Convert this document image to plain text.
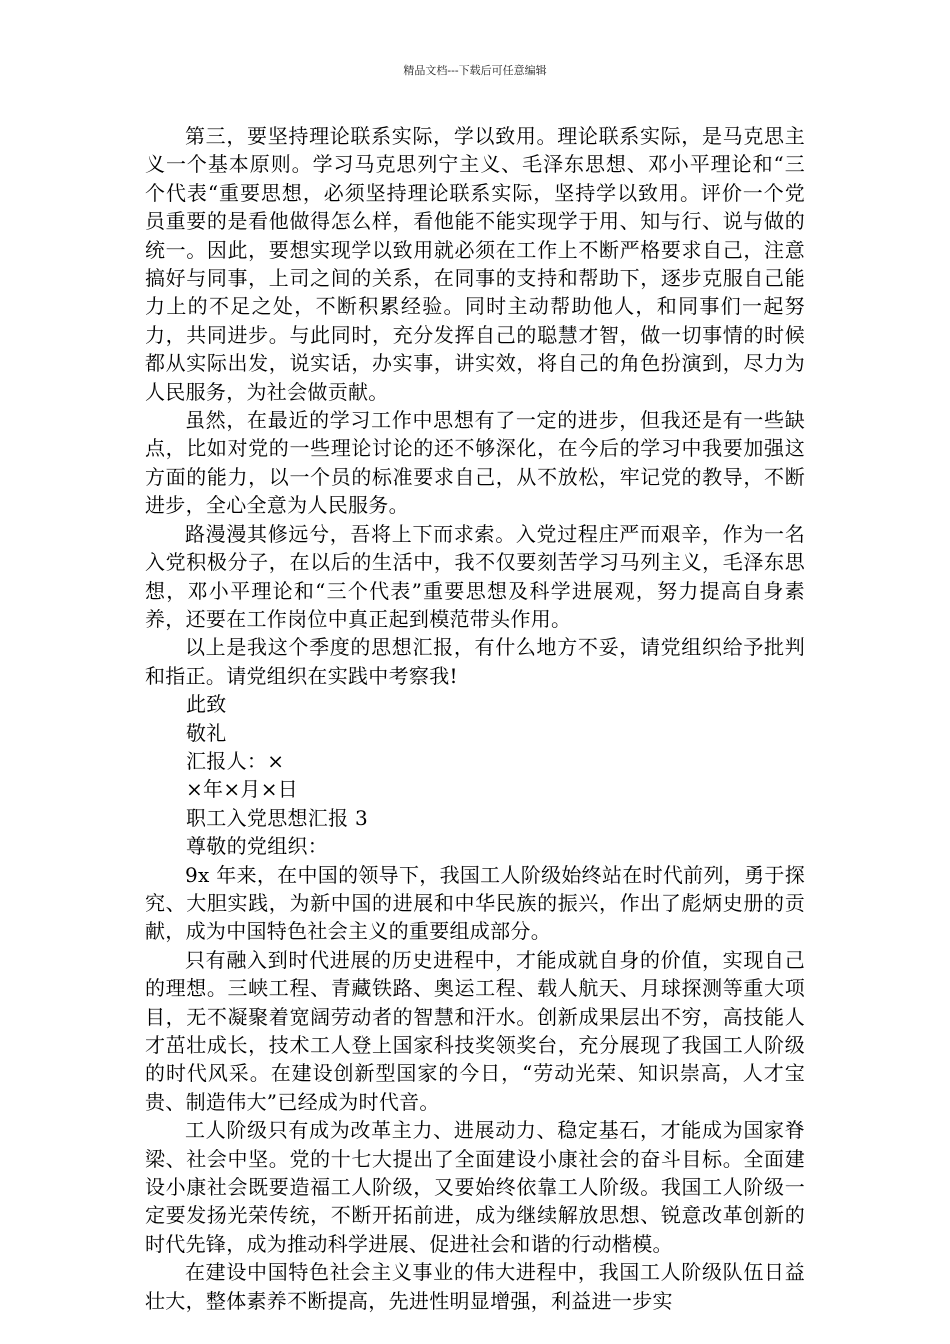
精品文档---下载后可任意编辑

第三，要坚持理论联系实际，学以致用。理论联系实际，是马克思主义一个基本原则。学习马克思列宁主义、毛泽东思想、邓小平理论和“三个代表“重要思想，必须坚持理论联系实际，坚持学以致用。评价一个党员重要的是看他做得怎么样，看他能不能实现学于用、知与行、说与做的统一。因此，要想实现学以致用就必须在工作上不断严格要求自己，注意搞好与同事，上司之间的关系，在同事的支持和帮助下，逐步克服自己能力上的不足之处，不断积累经验。同时主动帮助他人，和同事们一起努力，共同进步。与此同时，充分发挥自己的聪慧才智，做一切事情的时候都从实际出发，说实话，办实事，讲实效，将自己的角色扮演到，尽力为人民服务，为社会做贡献。

虽然，在最近的学习工作中思想有了一定的进步，但我还是有一些缺点，比如对党的一些理论讨论的还不够深化，在今后的学习中我要加强这方面的能力，以一个员的标准要求自己，从不放松，牢记党的教导，不断进步，全心全意为人民服务。

路漫漫其修远兮，吾将上下而求索。入党过程庄严而艰辛，作为一名入党积极分子，在以后的生活中，我不仅要刻苦学习马列主义，毛泽东思想，邓小平理论和“三个代表”重要思想及科学进展观，努力提高自身素养，还要在工作岗位中真正起到模范带头作用。

以上是我这个季度的思想汇报，有什么地方不妥，请党组织给予批判和指正。请党组织在实践中考察我!

此致

敬礼

汇报人：×

×年×月×日

职工入党思想汇报 3

尊敬的党组织：

9x 年来，在中国的领导下，我国工人阶级始终站在时代前列，勇于探究、大胆实践，为新中国的进展和中华民族的振兴，作出了彪炳史册的贡献，成为中国特色社会主义的重要组成部分。

只有融入到时代进展的历史进程中，才能成就自身的价值，实现自己的理想。三峡工程、青藏铁路、奥运工程、载人航天、月球探测等重大项目，无不凝聚着宽阔劳动者的智慧和汗水。创新成果层出不穷，高技能人才茁壮成长，技术工人登上国家科技奖领奖台，充分展现了我国工人阶级的时代风采。在建设创新型国家的今日，“劳动光荣、知识崇高，人才宝贵、制造伟大”已经成为时代音。

工人阶级只有成为改革主力、进展动力、稳定基石，才能成为国家脊梁、社会中坚。党的十七大提出了全面建设小康社会的奋斗目标。全面建设小康社会既要造福工人阶级，又要始终依靠工人阶级。我国工人阶级一定要发扬光荣传统，不断开拓前进，成为继续解放思想、锐意改革创新的时代先锋，成为推动科学进展、促进社会和谐的行动楷模。

在建设中国特色社会主义事业的伟大进程中，我国工人阶级队伍日益壮大，整体素养不断提高，先进性明显增强，利益进一步实
